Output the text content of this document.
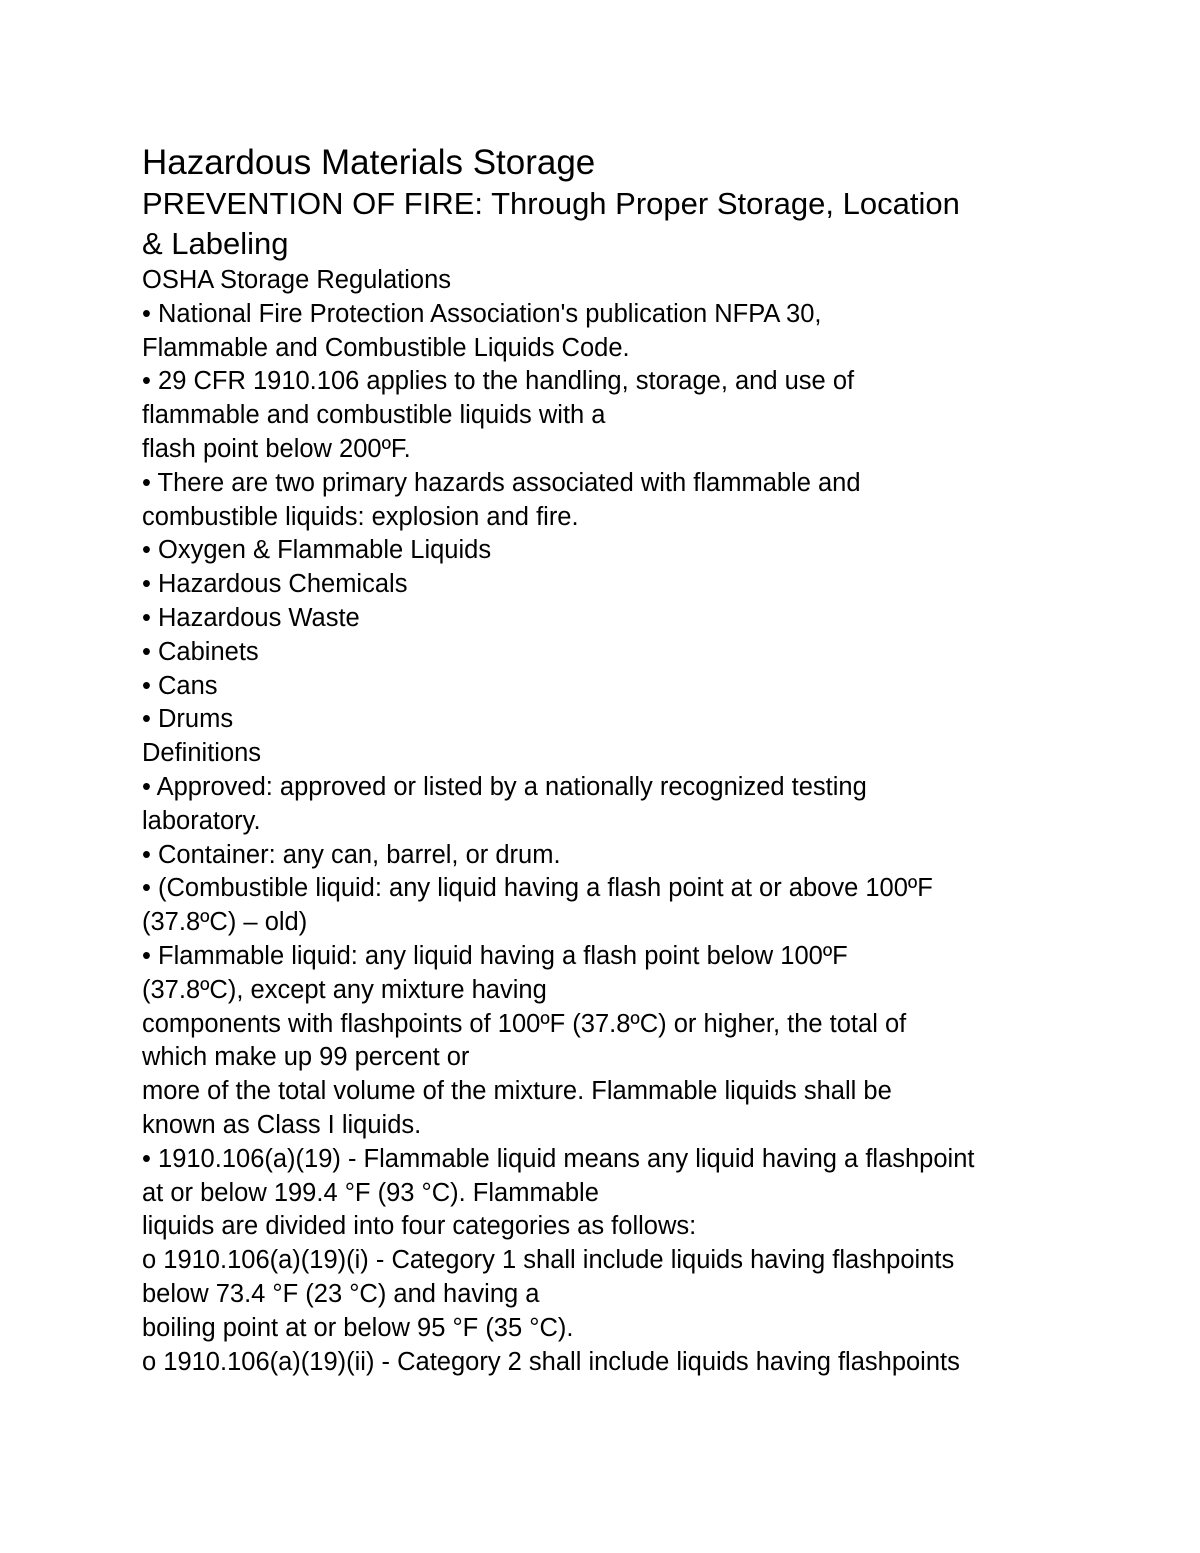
Hazardous Materials Storage
PREVENTION OF FIRE: Through Proper Storage, Location
& Labeling
OSHA Storage Regulations
• National Fire Protection Association's publication NFPA 30,
Flammable and Combustible Liquids Code.
• 29 CFR 1910.106 applies to the handling, storage, and use of
flammable and combustible liquids with a
flash point below 200ºF.
• There are two primary hazards associated with flammable and
combustible liquids: explosion and fire.
• Oxygen & Flammable Liquids
• Hazardous Chemicals
• Hazardous Waste
• Cabinets
• Cans
• Drums
Definitions
• Approved: approved or listed by a nationally recognized testing
laboratory.
• Container: any can, barrel, or drum.
• (Combustible liquid: any liquid having a flash point at or above 100ºF
(37.8ºC) – old)
• Flammable liquid: any liquid having a flash point below 100ºF
(37.8ºC), except any mixture having
components with flashpoints of 100ºF (37.8ºC) or higher, the total of
which make up 99 percent or
more of the total volume of the mixture. Flammable liquids shall be
known as Class I liquids.
• 1910.106(a)(19) - Flammable liquid means any liquid having a flashpoint
at or below 199.4 °F (93 °C). Flammable
liquids are divided into four categories as follows:
o 1910.106(a)(19)(i) - Category 1 shall include liquids having flashpoints
below 73.4 °F (23 °C) and having a
boiling point at or below 95 °F (35 °C).
o 1910.106(a)(19)(ii) - Category 2 shall include liquids having flashpoints
